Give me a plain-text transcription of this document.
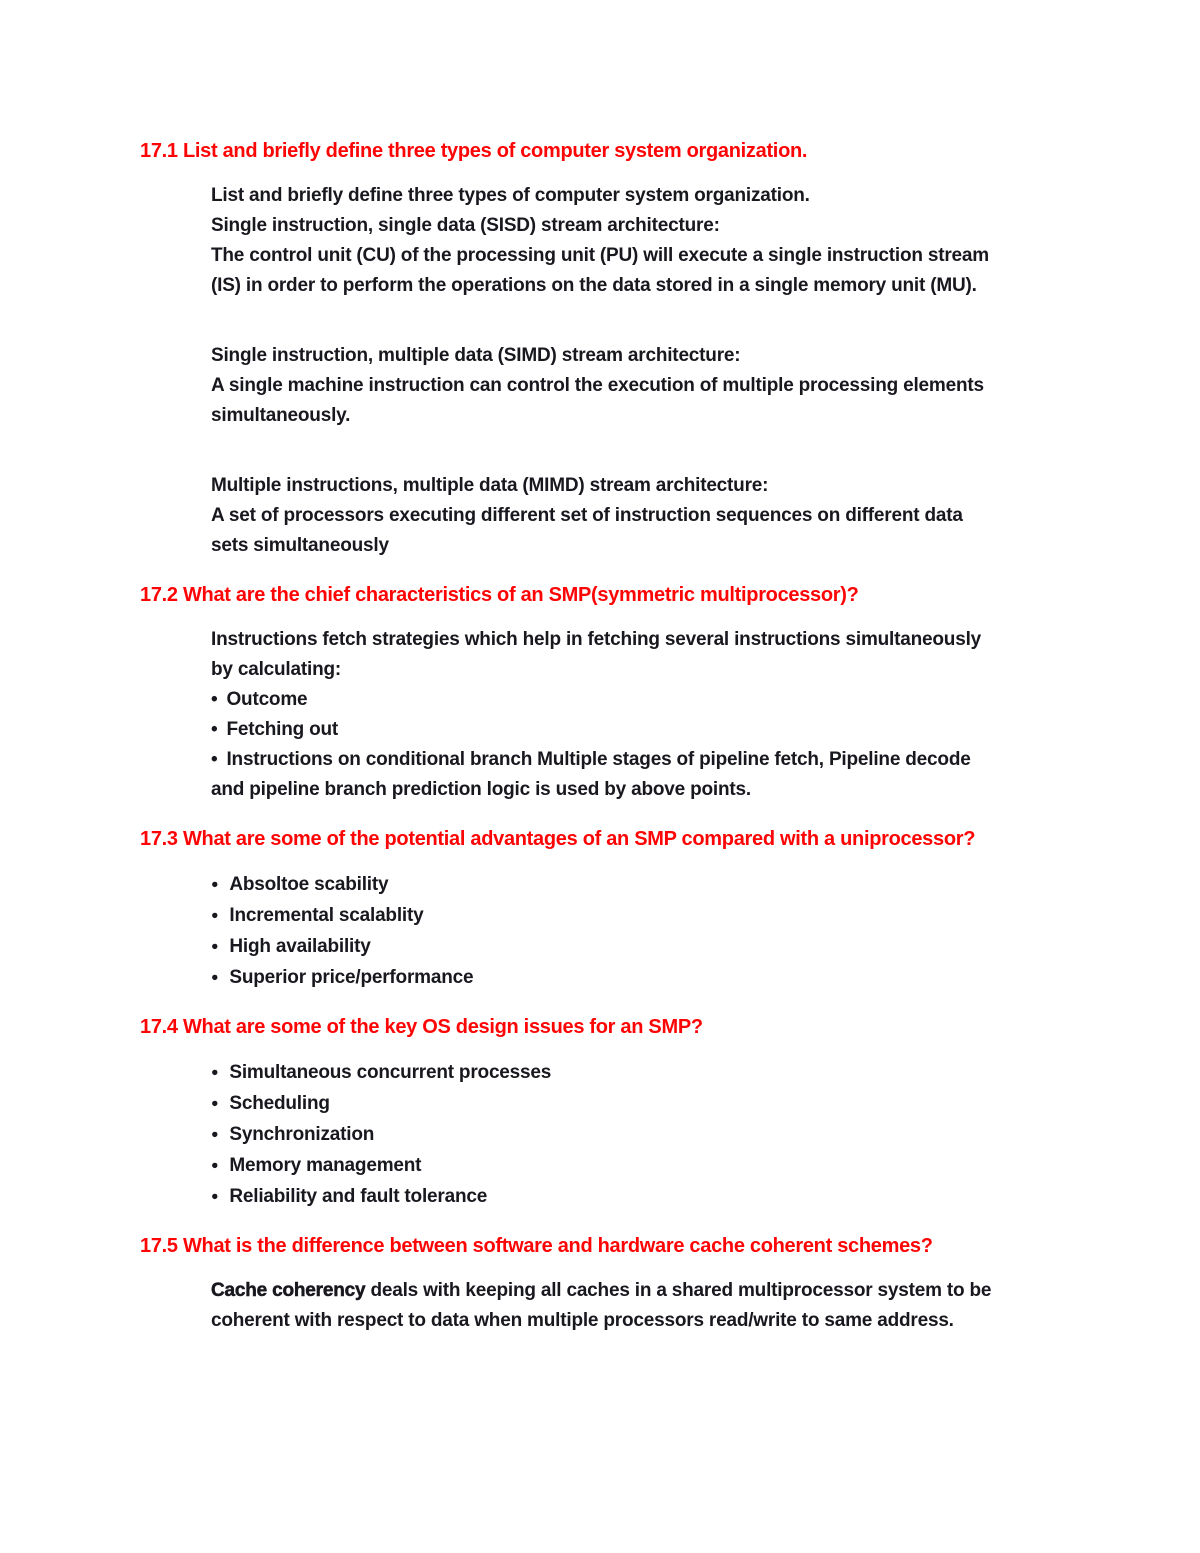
17.1 List and briefly define three types of computer system organization.
List and briefly define three types of computer system organization.
Single instruction, single data (SISD) stream architecture:
The control unit (CU) of the processing unit (PU) will execute a single instruction stream
(IS) in order to perform the operations on the data stored in a single memory unit (MU).
Single instruction, multiple data (SIMD) stream architecture:
A single machine instruction can control the execution of multiple processing elements
simultaneously.
Multiple instructions, multiple data (MIMD) stream architecture:
A set of processors executing different set of instruction sequences on different data
sets simultaneously
17.2 What are the chief characteristics of an SMP(symmetric multiprocessor)?
Instructions fetch strategies which help in fetching several instructions simultaneously
by calculating:
• Outcome
• Fetching out
• Instructions on conditional branch Multiple stages of pipeline fetch, Pipeline decode
and pipeline branch prediction logic is used by above points.
17.3 What are some of the potential advantages of an SMP compared with a uniprocessor?
● Absoltoe scability
● Incremental scalablity
● High availability
● Superior price/performance
17.4 What are some of the key OS design issues for an SMP?
● Simultaneous concurrent processes
● Scheduling
● Synchronization
● Memory management
● Reliability and fault tolerance
17.5 What is the difference between software and hardware cache coherent schemes?
Cache coherency deals with keeping all caches in a shared multiprocessor system to be
coherent with respect to data when multiple processors read/write to same address.
